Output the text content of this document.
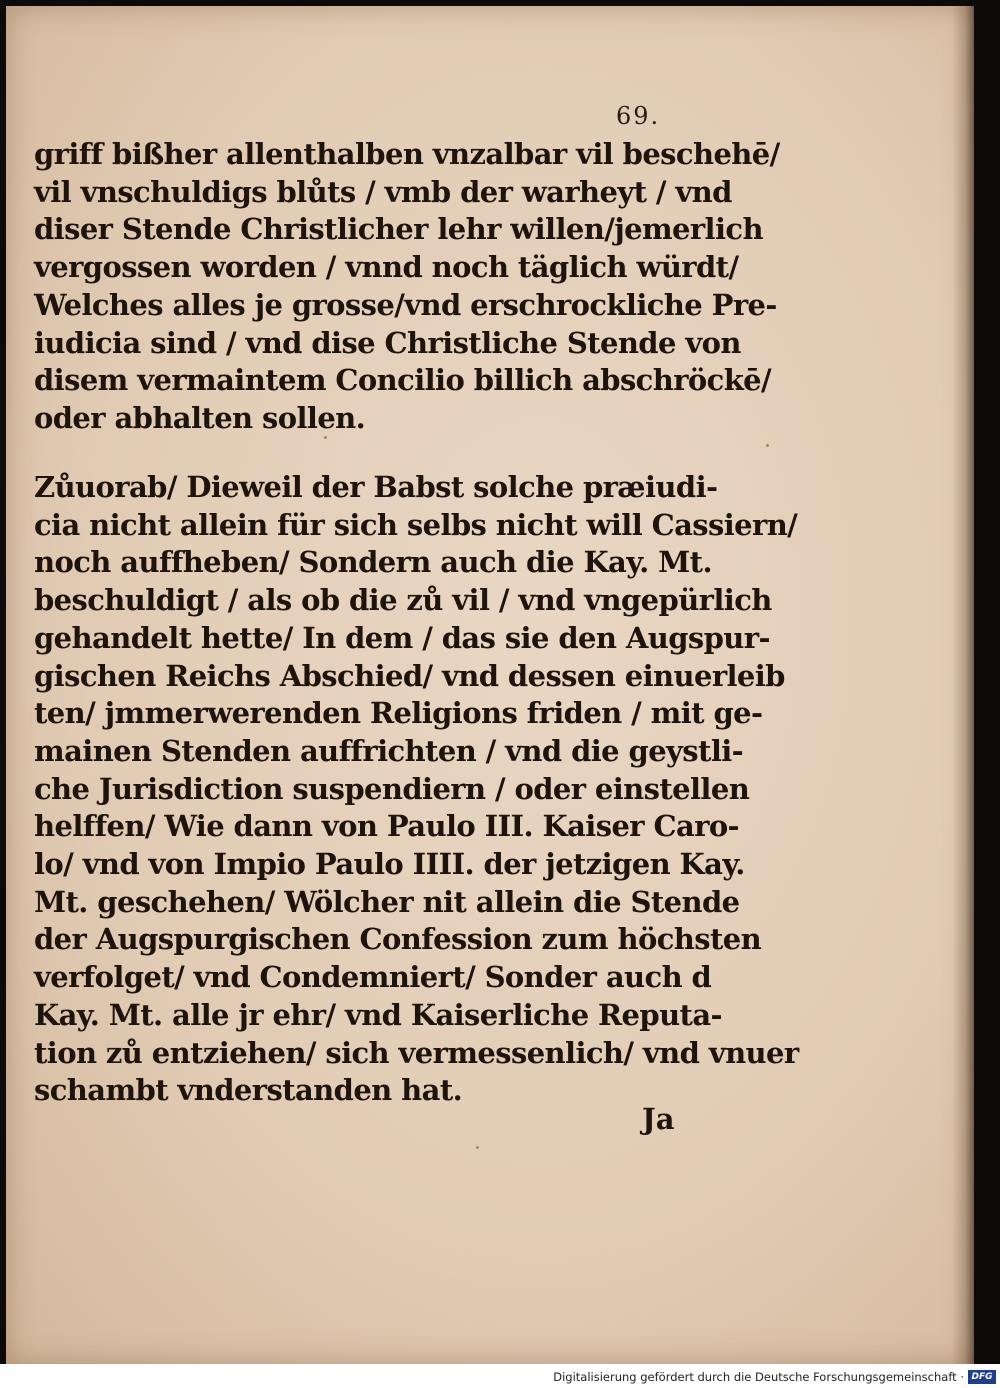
69.
griff bißher allenthalben vnzalbar vil beschehē/
vil vnschuldigs blůts / vmb der warheyt / vnd
diser Stende Christlicher lehr willen/jemerlich
vergossen worden / vnnd noch täglich würdt/
Welches alles je grosse/vnd erschrockliche Pre-
iudicia sind / vnd dise Christliche Stende von
disem vermaintem Concilio billich abschröckē/
oder abhalten sollen.
Zůuorab/ Dieweil der Babst solche præiudi-
cia nicht allein für sich selbs nicht will Cassiern/
noch auffheben/ Sondern auch die Kay. Mt.
beschuldigt / als ob die zů vil / vnd vngepürlich
gehandelt hette/ In dem / das sie den Augspur-
gischen Reichs Abschied/ vnd dessen einuerleib
ten/ jmmerwerenden Religions friden / mit ge-
mainen Stenden auffrichten / vnd die geystli-
che Jurisdiction suspendiern / oder einstellen
helffen/ Wie dann von Paulo III. Kaiser Caro-
lo/ vnd von Impio Paulo IIII. der jetzigen Kay.
Mt. geschehen/ Wölcher nit allein die Stende
der Augspurgischen Confession zum höchsten
verfolget/ vnd Condemniert/ Sonder auch d
Kay. Mt. alle jr ehr/ vnd Kaiserliche Reputa-
tion zů entziehen/ sich vermessenlich/ vnd vnuer
schambt vnderstanden hat.
Ja
Digitalisierung gefördert durch die Deutsche Forschungsgemeinschaft · DFG
